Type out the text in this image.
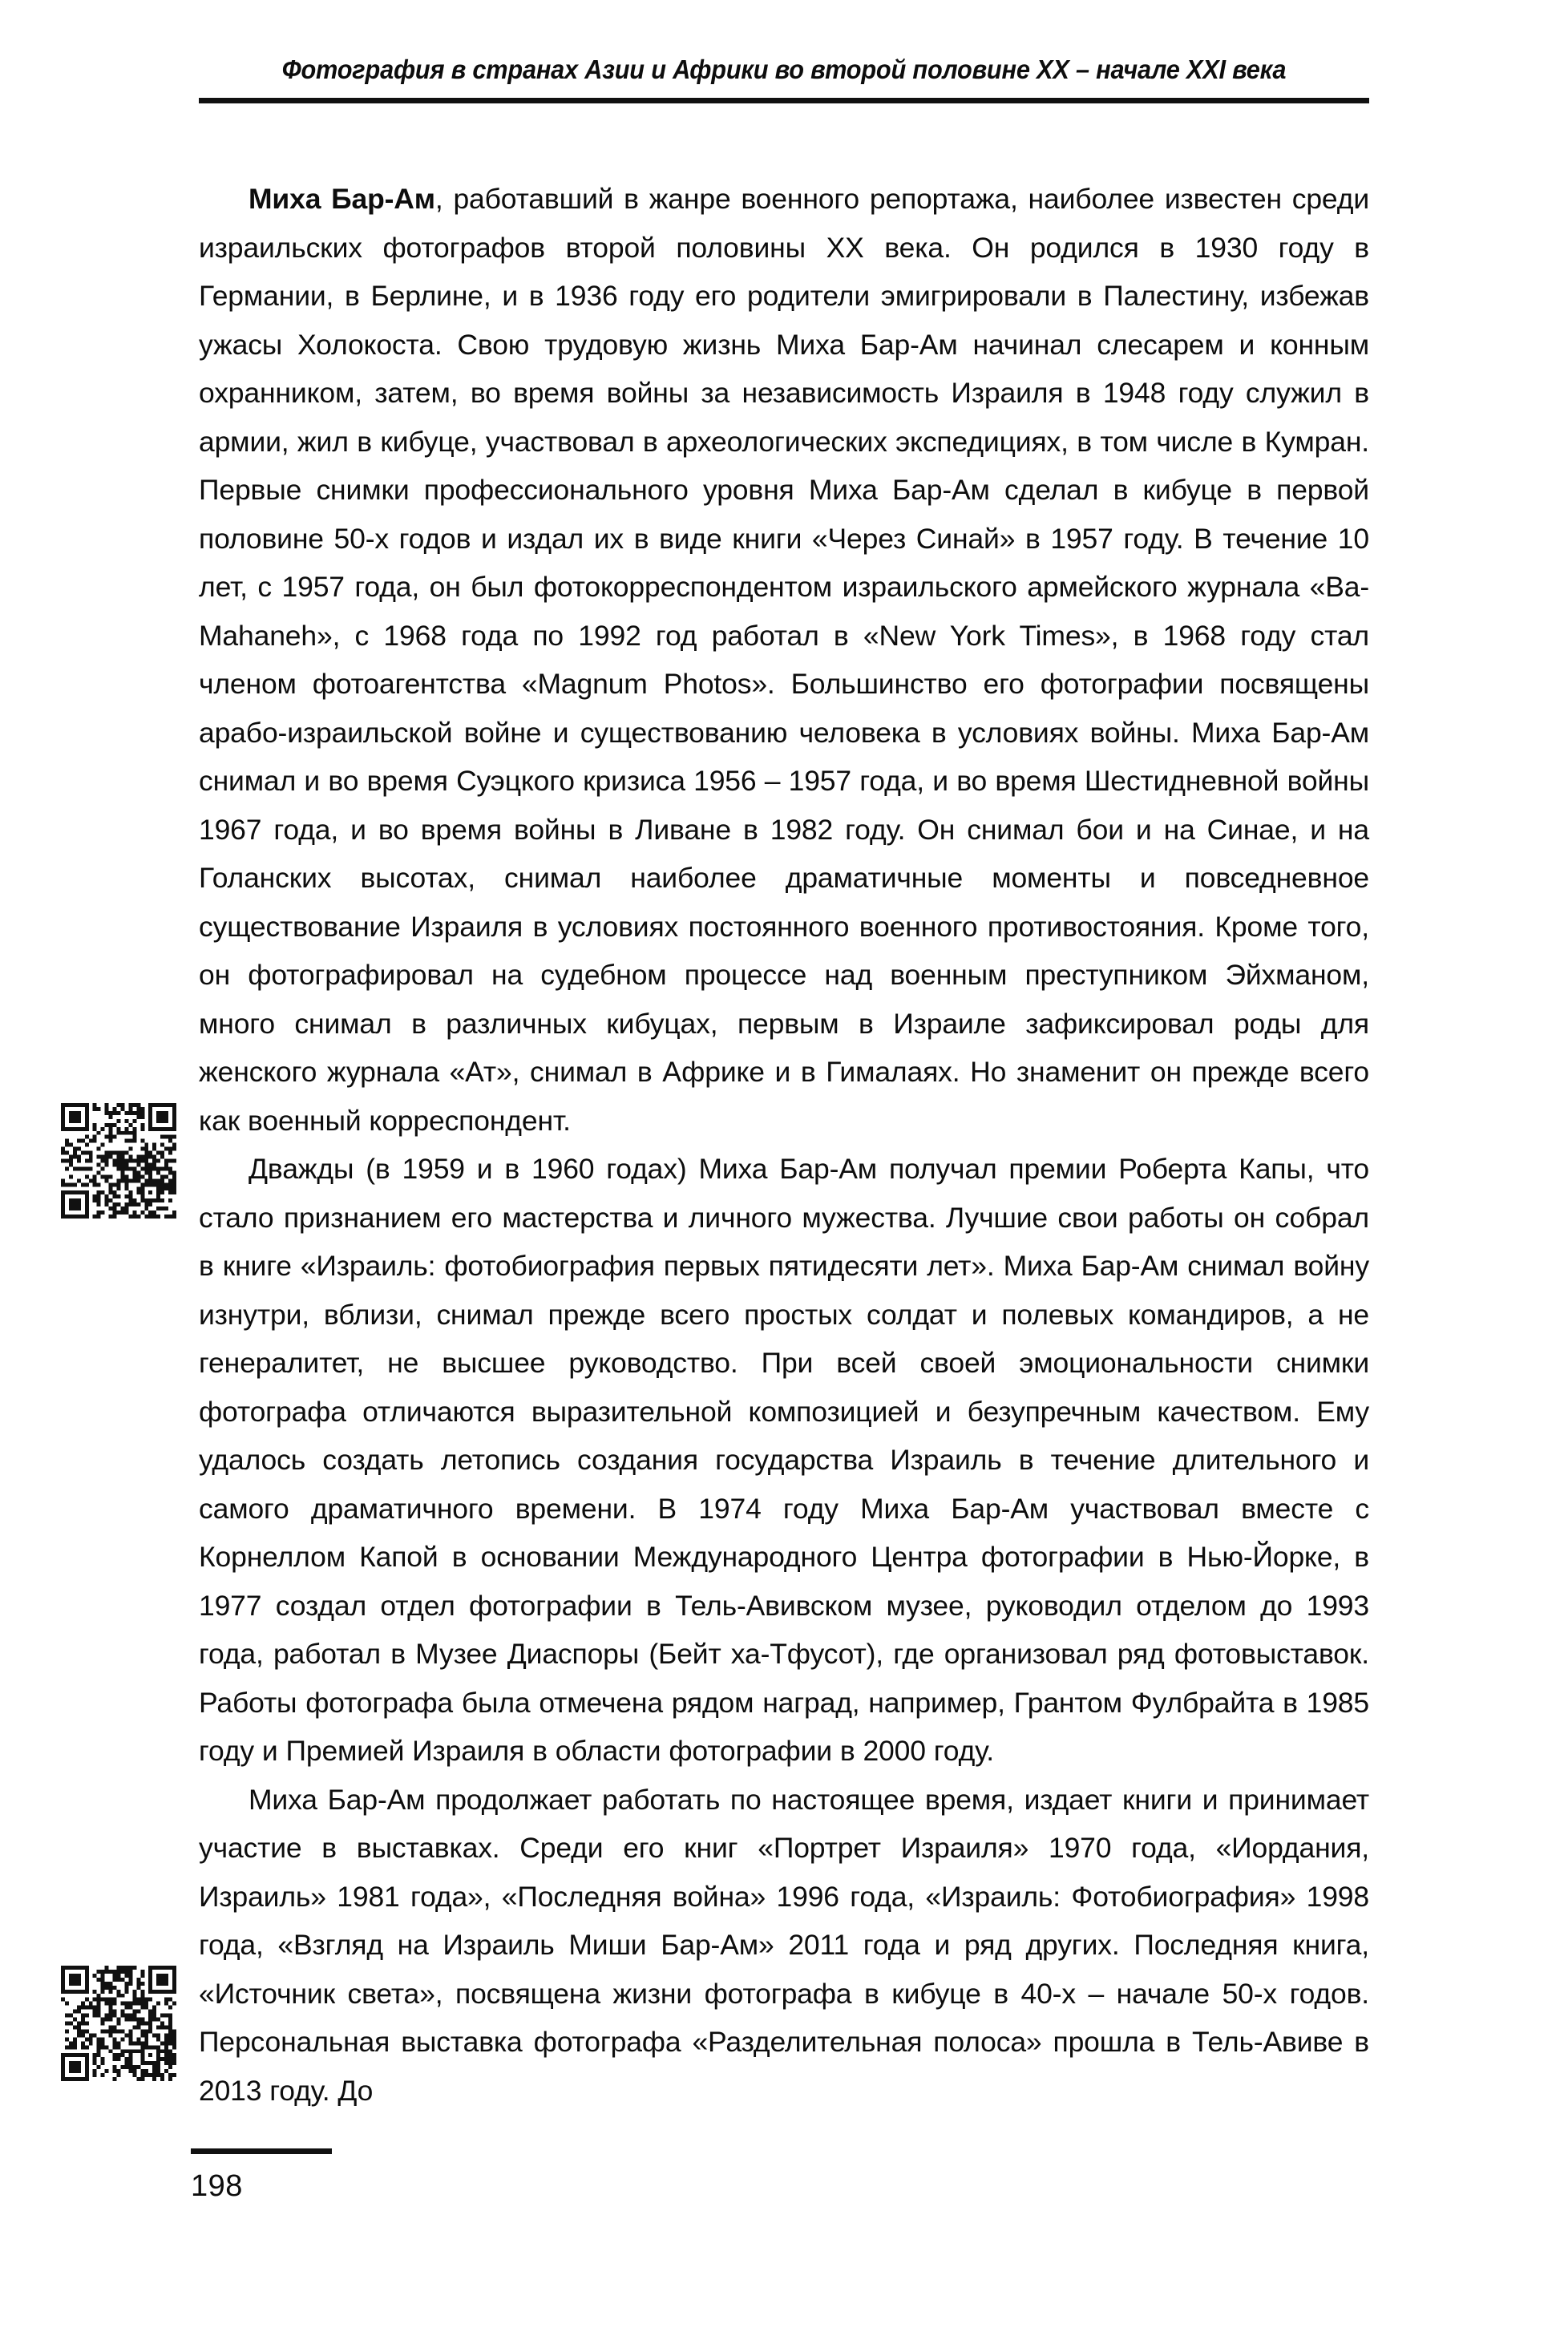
Фотография в странах Азии и Африки во второй половине XX – начале XXI века

Миха Бар-Ам, работавший в жанре военного репортажа, наиболее известен среди израильских фотографов второй половины XX века. Он родился в 1930 году в Германии, в Берлине, и в 1936 году его родители эмигрировали в Палестину, избежав ужасы Холокоста. Свою трудовую жизнь Миха Бар-Ам начинал слесарем и конным охранником, затем, во время войны за независимость Израиля в 1948 году служил в армии, жил в кибуце, участвовал в археологических экспедициях, в том числе в Кумран. Первые снимки профессионального уровня Миха Бар-Ам сделал в кибуце в первой половине 50-х годов и издал их в виде книги «Через Синай» в 1957 году. В течение 10 лет, с 1957 года, он был фотокорреспондентом израильского армейского журнала «Ba-Mahaneh», с 1968 года по 1992 год работал в «New York Times», в 1968 году стал членом фотоагентства «Magnum Photos». Большинство его фотографии посвящены арабо-израильской войне и существованию человека в условиях войны. Миха Бар-Ам снимал и во время Суэцкого кризиса 1956 – 1957 года, и во время Шестидневной войны 1967 года, и во время войны в Ливане в 1982 году. Он снимал бои и на Синае, и на Голанских высотах, снимал наиболее драматичные моменты и повседневное существование Израиля в условиях постоянного военного противостояния. Кроме того, он фотографировал на судебном процессе над военным преступником Эйхманом, много снимал в различных кибуцах, первым в Израиле зафиксировал роды для женского журнала «Ат», снимал в Африке и в Гималаях. Но знаменит он прежде всего как военный корреспондент.

Дважды (в 1959 и в 1960 годах) Миха Бар-Ам получал премии Роберта Капы, что стало признанием его мастерства и личного мужества. Лучшие свои работы он собрал в книге «Израиль: фотобиография первых пятидесяти лет». Миха Бар-Ам снимал войну изнутри, вблизи, снимал прежде всего простых солдат и полевых командиров, а не генералитет, не высшее руководство. При всей своей эмоциональности снимки фотографа отличаются выразительной композицией и безупречным качеством. Ему удалось создать летопись создания государства Израиль в течение длительного и самого драматичного времени. В 1974 году Миха Бар-Ам участвовал вместе с Корнеллом Капой в основании Международного Центра фотографии в Нью-Йорке, в 1977 создал отдел фотографии в Тель-Авивском музее, руководил отделом до 1993 года, работал в Музее Диаспоры (Бейт ха-Тфусот), где организовал ряд фотовыставок. Работы фотографа была отмечена рядом наград, например, Грантом Фулбрайта в 1985 году и Премией Израиля в области фотографии в 2000 году.

Миха Бар-Ам продолжает работать по настоящее время, издает книги и принимает участие в выставках. Среди его книг «Портрет Израиля» 1970 года, «Иордания, Израиль» 1981 года», «Последняя война» 1996 года, «Израиль: Фотобиография» 1998 года, «Взгляд на Израиль Миши Бар-Ам» 2011 года и ряд других. Последняя книга, «Источник света», посвящена жизни фотографа в кибуце в 40-х – начале 50-х годов. Персональная выставка фотографа «Разделительная полоса» прошла в Тель-Авиве в 2013 году. До

198
